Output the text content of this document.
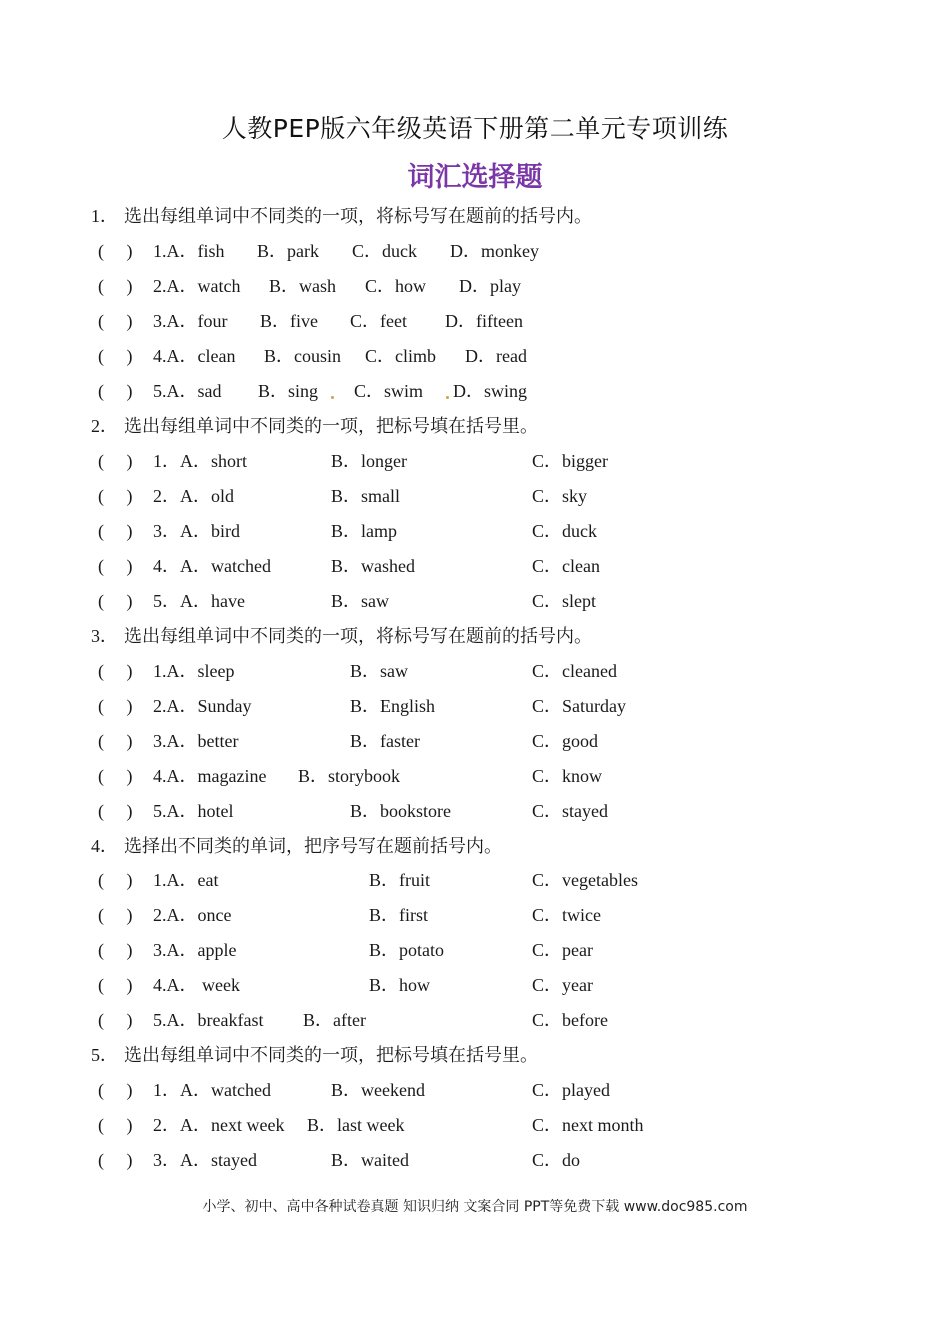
人教PEP版六年级英语下册第二单元专项训练
词汇选择题
1． 选出每组单词中不同类的一项，将标号写在题前的括号内。
(　 )	1.A．fish B．park C．duck D．monkey
(　 )	2.A．watch B．wash C．how D．play
(　 )	3.A．four B．five C．feet D．fifteen
(　 )	4.A．clean B．cousin C．climb D．read
(　 )	5.A．sad B．sing C．swim D．swing
2． 选出每组单词中不同类的一项，把标号填在括号里。
(　 )	1．A．short	B．longer	C．bigger
(　 )	2．A．old	B．small	C．sky
(　 )	3．A．bird	B．lamp	C．duck
(　 )	4．A．watched	B．washed	C．clean
(　 )	5．A．have	B．saw	C．slept
3． 选出每组单词中不同类的一项，将标号写在题前的括号内。
(　 )	1.A．sleep	B．saw	C．cleaned
(　 )	2.A．Sunday	B．English	C．Saturday
(　 )	3.A．better	B．faster	C．good
(　 )	4.A．magazine B．storybook	C．know
(　 )	5.A．hotel	B．bookstore	C．stayed
4． 选择出不同类的单词，把序号写在题前括号内。
(　 )	1.A．eat	B．fruit	C．vegetables
(　 )	2.A．once	B．first	C．twice
(　 )	3.A．apple	B．potato	C．pear
(　 )	4.A． week	B．how	C．year
(　 )	5.A．breakfast B．after	C．before
5． 选出每组单词中不同类的一项，把标号填在括号里。
(　 )	1．A．watched	B．weekend	C．played
(　 )	2．A．next week B．last week	C．next month
(　 )	3．A．stayed	B．waited	C．do
小学、初中、高中各种试卷真题 知识归纳 文案合同 PPT等免费下载 www.doc985.com
